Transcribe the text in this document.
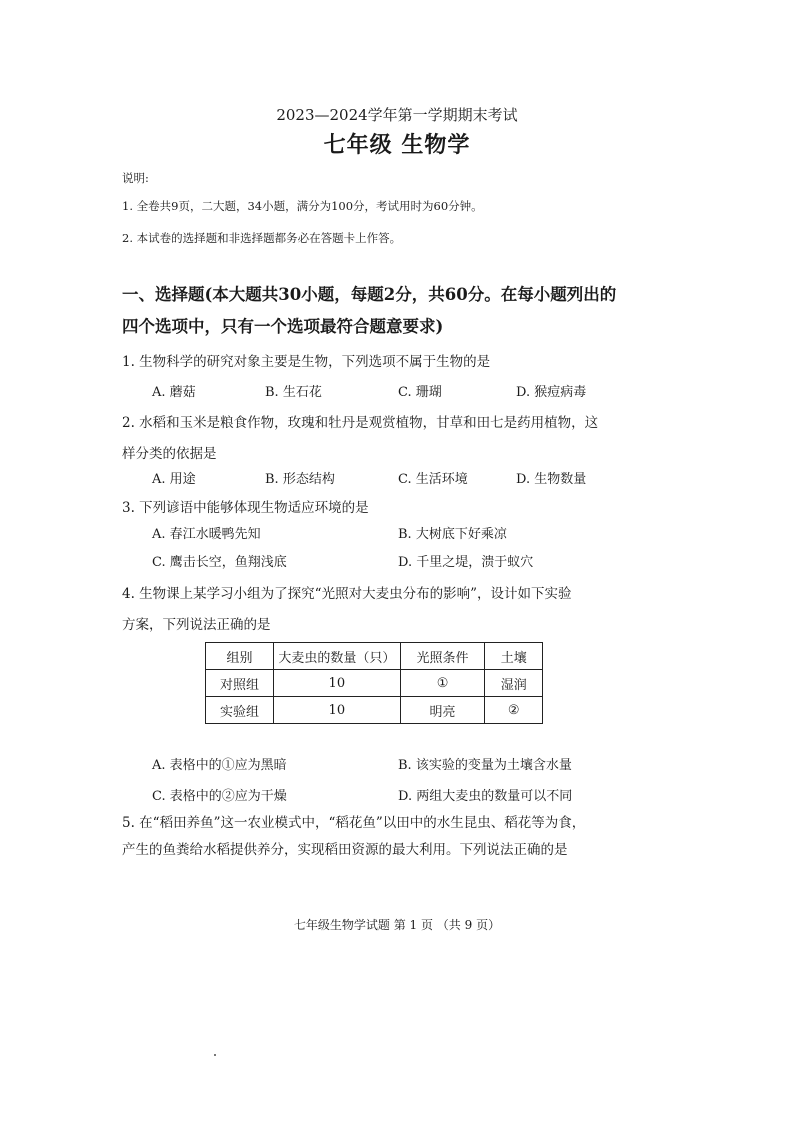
2023—2024学年第一学期期末考试
七年级 生物学
说明:
1. 全卷共9页，二大题，34小题，满分为100分，考试用时为60分钟。
2. 本试卷的选择题和非选择题都务必在答题卡上作答。
一、选择题(本大题共30小题，每题2分，共60分。在每小题列出的
四个选项中，只有一个选项最符合题意要求)
1. 生物科学的研究对象主要是生物，下列选项不属于生物的是
A. 蘑菇	B. 生石花	C. 珊瑚	D. 猴痘病毒
2. 水稻和玉米是粮食作物，玫瑰和牡丹是观赏植物，甘草和田七是药用植物，这
样分类的依据是
A. 用途	B. 形态结构	C. 生活环境	D. 生物数量
3. 下列谚语中能够体现生物适应环境的是
A. 春江水暖鸭先知	B. 大树底下好乘凉
C. 鹰击长空，鱼翔浅底	D. 千里之堤，溃于蚁穴
4. 生物课上某学习小组为了探究“光照对大麦虫分布的影响”，设计如下实验
方案，下列说法正确的是
组别	大麦虫的数量（只）	光照条件	土壤
对照组	10	①	湿润
实验组	10	明亮	②
A. 表格中的①应为黑暗	B. 该实验的变量为土壤含水量
C. 表格中的②应为干燥	D. 两组大麦虫的数量可以不同
5. 在“稻田养鱼”这一农业模式中，“稻花鱼”以田中的水生昆虫、稻花等为食，
产生的鱼粪给水稻提供养分，实现稻田资源的最大利用。下列说法正确的是
七年级生物学试题 第 1 页 （共 9 页）
